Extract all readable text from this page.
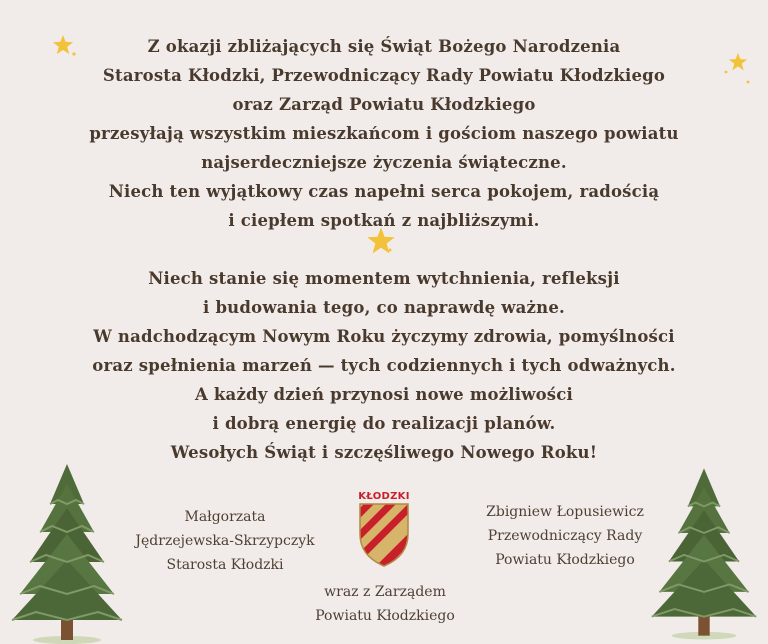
Z okazji zbliżających się Świąt Bożego Narodzenia
Starosta Kłodzki, Przewodniczący Rady Powiatu Kłodzkiego
oraz Zarząd Powiatu Kłodzkiego
przesyłają wszystkim mieszkańcom i gościom naszego powiatu
najserdeczniejsze życzenia świąteczne.
Niech ten wyjątkowy czas napełni serca pokojem, radością
i ciepłem spotkań z najbliższymi.
Niech stanie się momentem wytchnienia, refleksji
i budowania tego, co naprawdę ważne.
W nadchodzącym Nowym Roku życzymy zdrowia, pomyślności
oraz spełnienia marzeń — tych codziennych i tych odważnych.
A każdy dzień przynosi nowe możliwości
i dobrą energię do realizacji planów.
Wesołych Świąt i szczęśliwego Nowego Roku!
Małgorzata
Jędrzejewska-Skrzypczyk
Starosta Kłodzki
Zbigniew Łopusiewicz
Przewodniczący Rady
Powiatu Kłodzkiego
wraz z Zarządem
Powiatu Kłodzkiego
KŁODZKI
